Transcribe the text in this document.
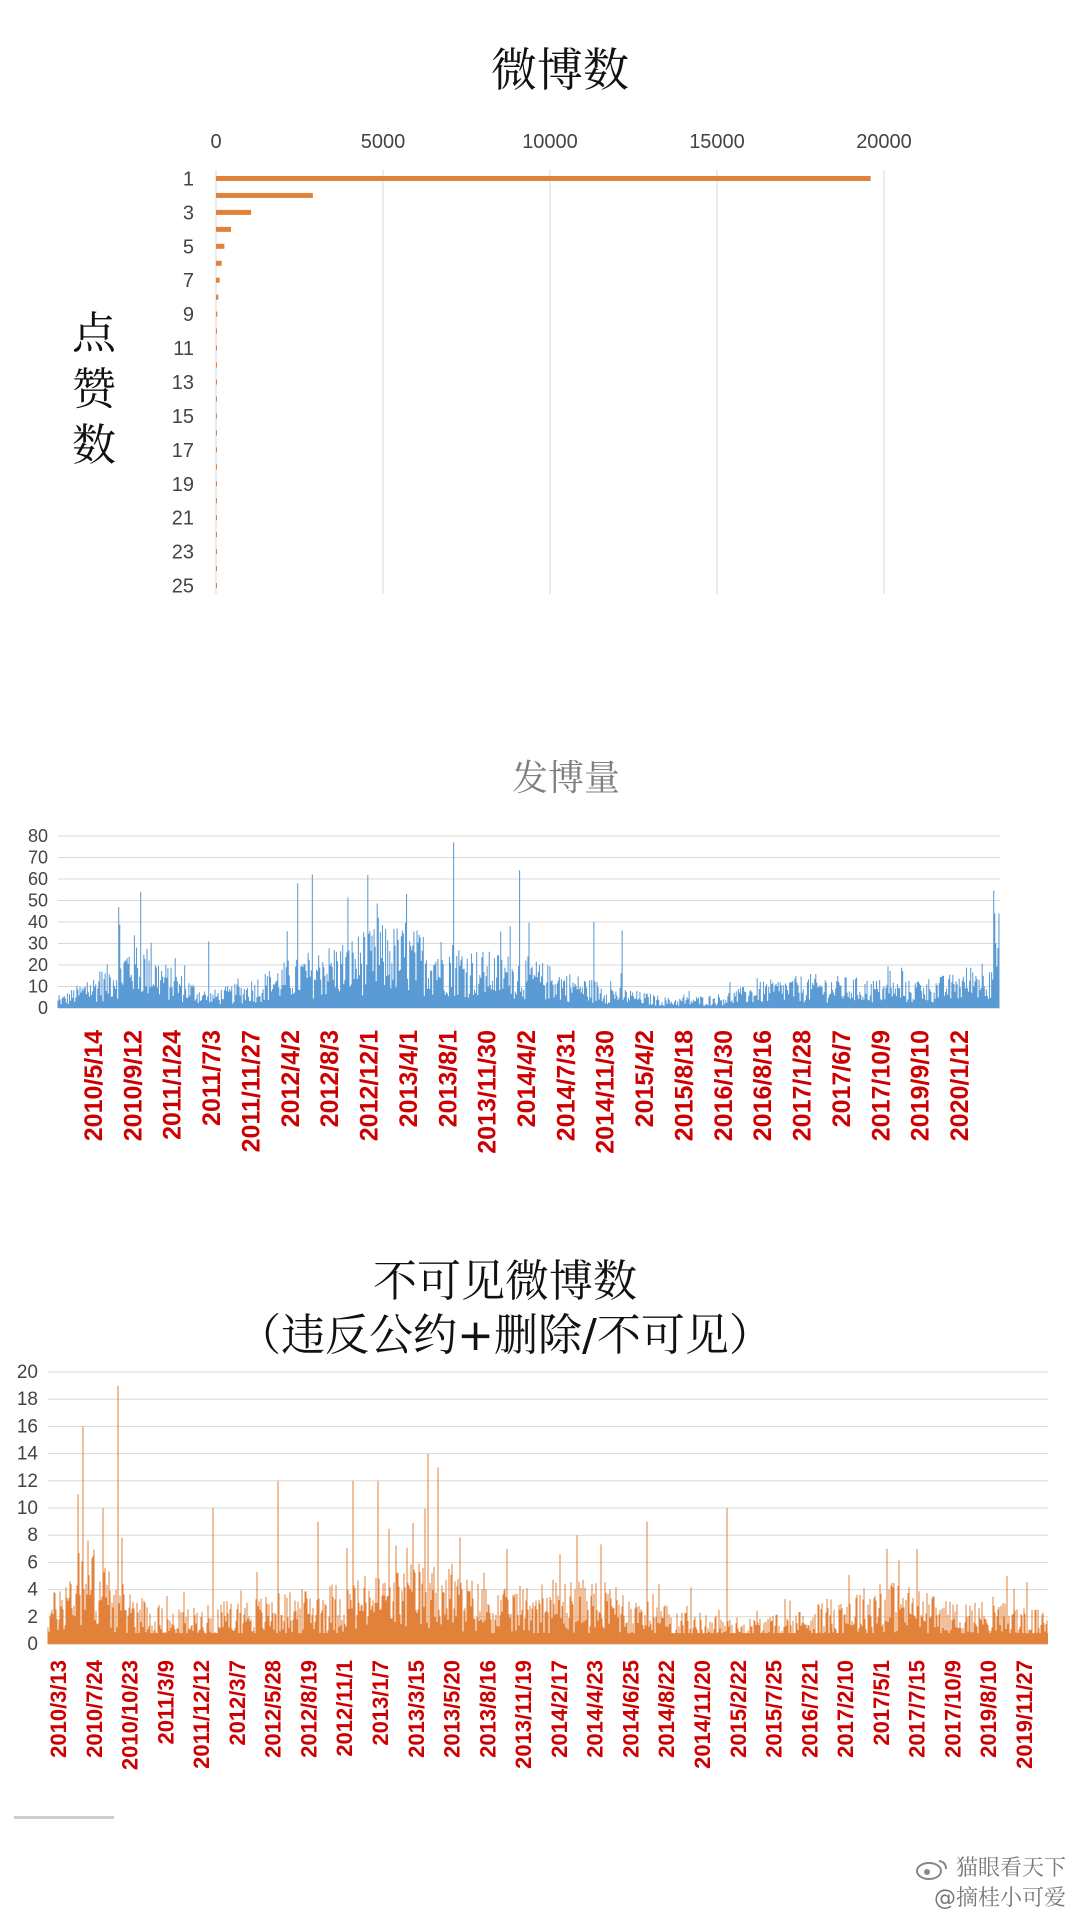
微博数
0	5000	10000	15000	20000
1
3
5
7
9
11
13
15
17
19
21
23
25
点
赞
数
发博量
0
10
20
30
40
50
60
70
80
2010/5/14 2010/9/12 2011/1/24 2011/7/3 2011/11/27 2012/4/2 2012/8/3 2012/12/1 2013/4/1 2013/8/1 2013/11/30 2014/4/2 2014/7/31 2014/11/30 2015/4/2 2015/8/18 2016/1/30 2016/8/16 2017/1/28 2017/6/7 2017/10/9 2019/9/10 2020/1/12
不可见微博数
（违反公约+删除/不可见）
0
2
4
6
8
10
12
14
16
18
20
2010/3/13 2010/7/24 2010/10/23 2011/3/9 2011/12/12 2012/3/7 2012/5/28 2012/8/19 2012/11/1 2013/1/7 2013/3/15 2013/5/20 2013/8/16 2013/11/19 2014/2/17 2014/4/23 2014/6/25 2014/8/22 2014/11/20 2015/2/22 2015/7/25 2016/7/21 2017/2/10 2017/5/1 2017/7/15 2017/10/9 2019/8/10 2019/11/27
猫眼看天下
@摘桂小可爱
